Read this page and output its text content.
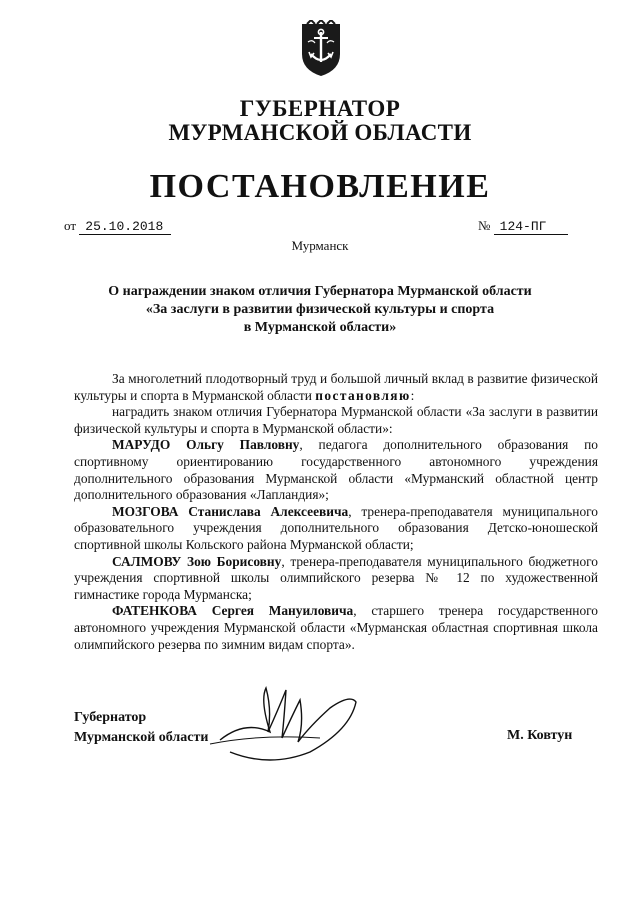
ГУБЕРНАТОР
МУРМАНСКОЙ ОБЛАСТИ
ПОСТАНОВЛЕНИЕ
от 25.10.2018	№ 124-ПГ
Мурманск
О награждении знаком отличия Губернатора Мурманской области
«За заслуги в развитии физической культуры и спорта
в Мурманской области»

За многолетний плодотворный труд и большой личный вклад в развитие физической культуры и спорта в Мурманской области постановляю:

наградить знаком отличия Губернатора Мурманской области «За заслуги в развитии физической культуры и спорта в Мурманской области»:

МАРУДО Ольгу Павловну, педагога дополнительного образования по спортивному ориентированию государственного автономного учреждения дополнительного образования Мурманской области «Мурманский областной центр дополнительного образования «Лапландия»;

МОЗГОВА Станислава Алексеевича, тренера-преподавателя муниципального образовательного учреждения дополнительного образования Детско-юношеской спортивной школы Кольского района Мурманской области;

САЛМОВУ Зою Борисовну, тренера-преподавателя муниципального бюджетного учреждения спортивной школы олимпийского резерва № 12 по художественной гимнастике города Мурманска;

ФАТЕНКОВА Сергея Мануиловича, старшего тренера государственного автономного учреждения Мурманской области «Мурманская областная спортивная школа олимпийского резерва по зимним видам спорта».

Губернатор
Мурманской области	М. Ковтун
